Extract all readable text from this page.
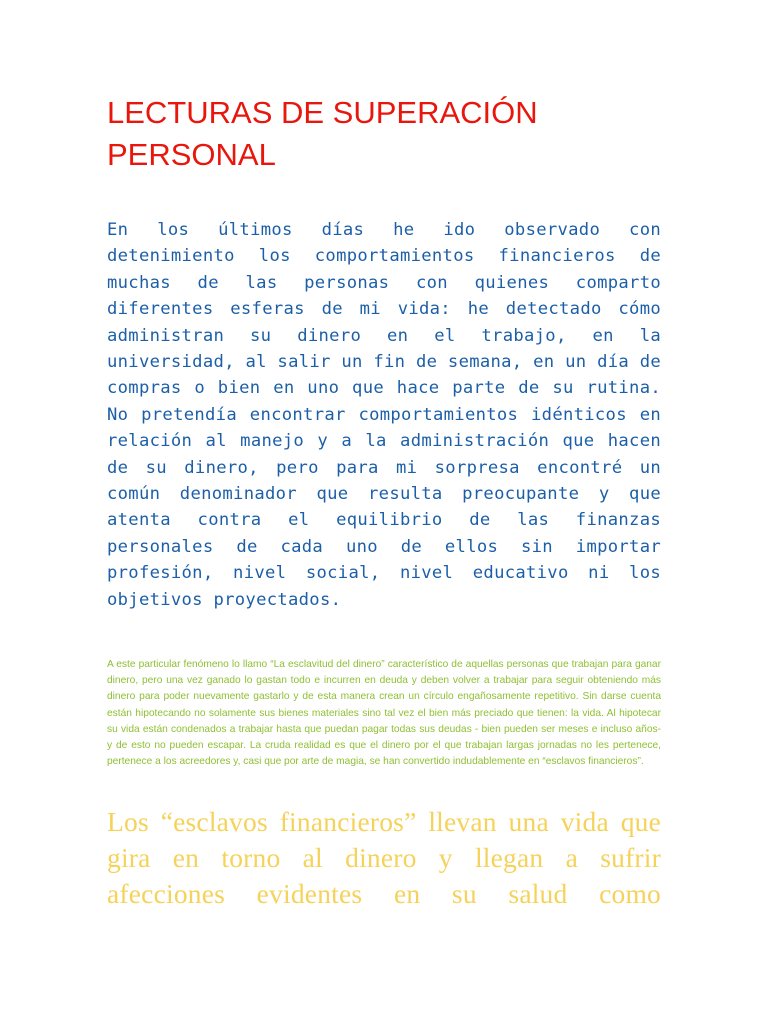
LECTURAS DE SUPERACIÓN PERSONAL

En los últimos días he ido observado con detenimiento los comportamientos financieros de muchas de las personas con quienes comparto diferentes esferas de mi vida: he detectado cómo administran su dinero en el trabajo, en la universidad, al salir un fin de semana, en un día de compras o bien en uno que hace parte de su rutina. No pretendía encontrar comportamientos idénticos en relación al manejo y a la administración que hacen de su dinero, pero para mi sorpresa encontré un común denominador que resulta preocupante y que atenta contra el equilibrio de las finanzas personales de cada uno de ellos sin importar profesión, nivel social, nivel educativo ni los objetivos proyectados.

A este particular fenómeno lo llamo “La esclavitud del dinero” característico de aquellas personas que trabajan para ganar dinero, pero una vez ganado lo gastan todo e incurren en deuda y deben volver a trabajar para seguir obteniendo más dinero para poder nuevamente gastarlo y de esta manera crean un círculo engañosamente repetitivo. Sin darse cuenta están hipotecando no solamente sus bienes materiales sino tal vez el bien más preciado que tienen: la vida. Al hipotecar su vida están condenados a trabajar hasta que puedan pagar todas sus deudas - bien pueden ser meses e incluso años- y de esto no pueden escapar. La cruda realidad es que el dinero por el que trabajan largas jornadas no les pertenece, pertenece a los acreedores y, casi que por arte de magia, se han convertido indudablemente en “esclavos financieros”.

Los “esclavos financieros” llevan una vida que gira en torno al dinero y llegan a sufrir afecciones evidentes en su salud como
